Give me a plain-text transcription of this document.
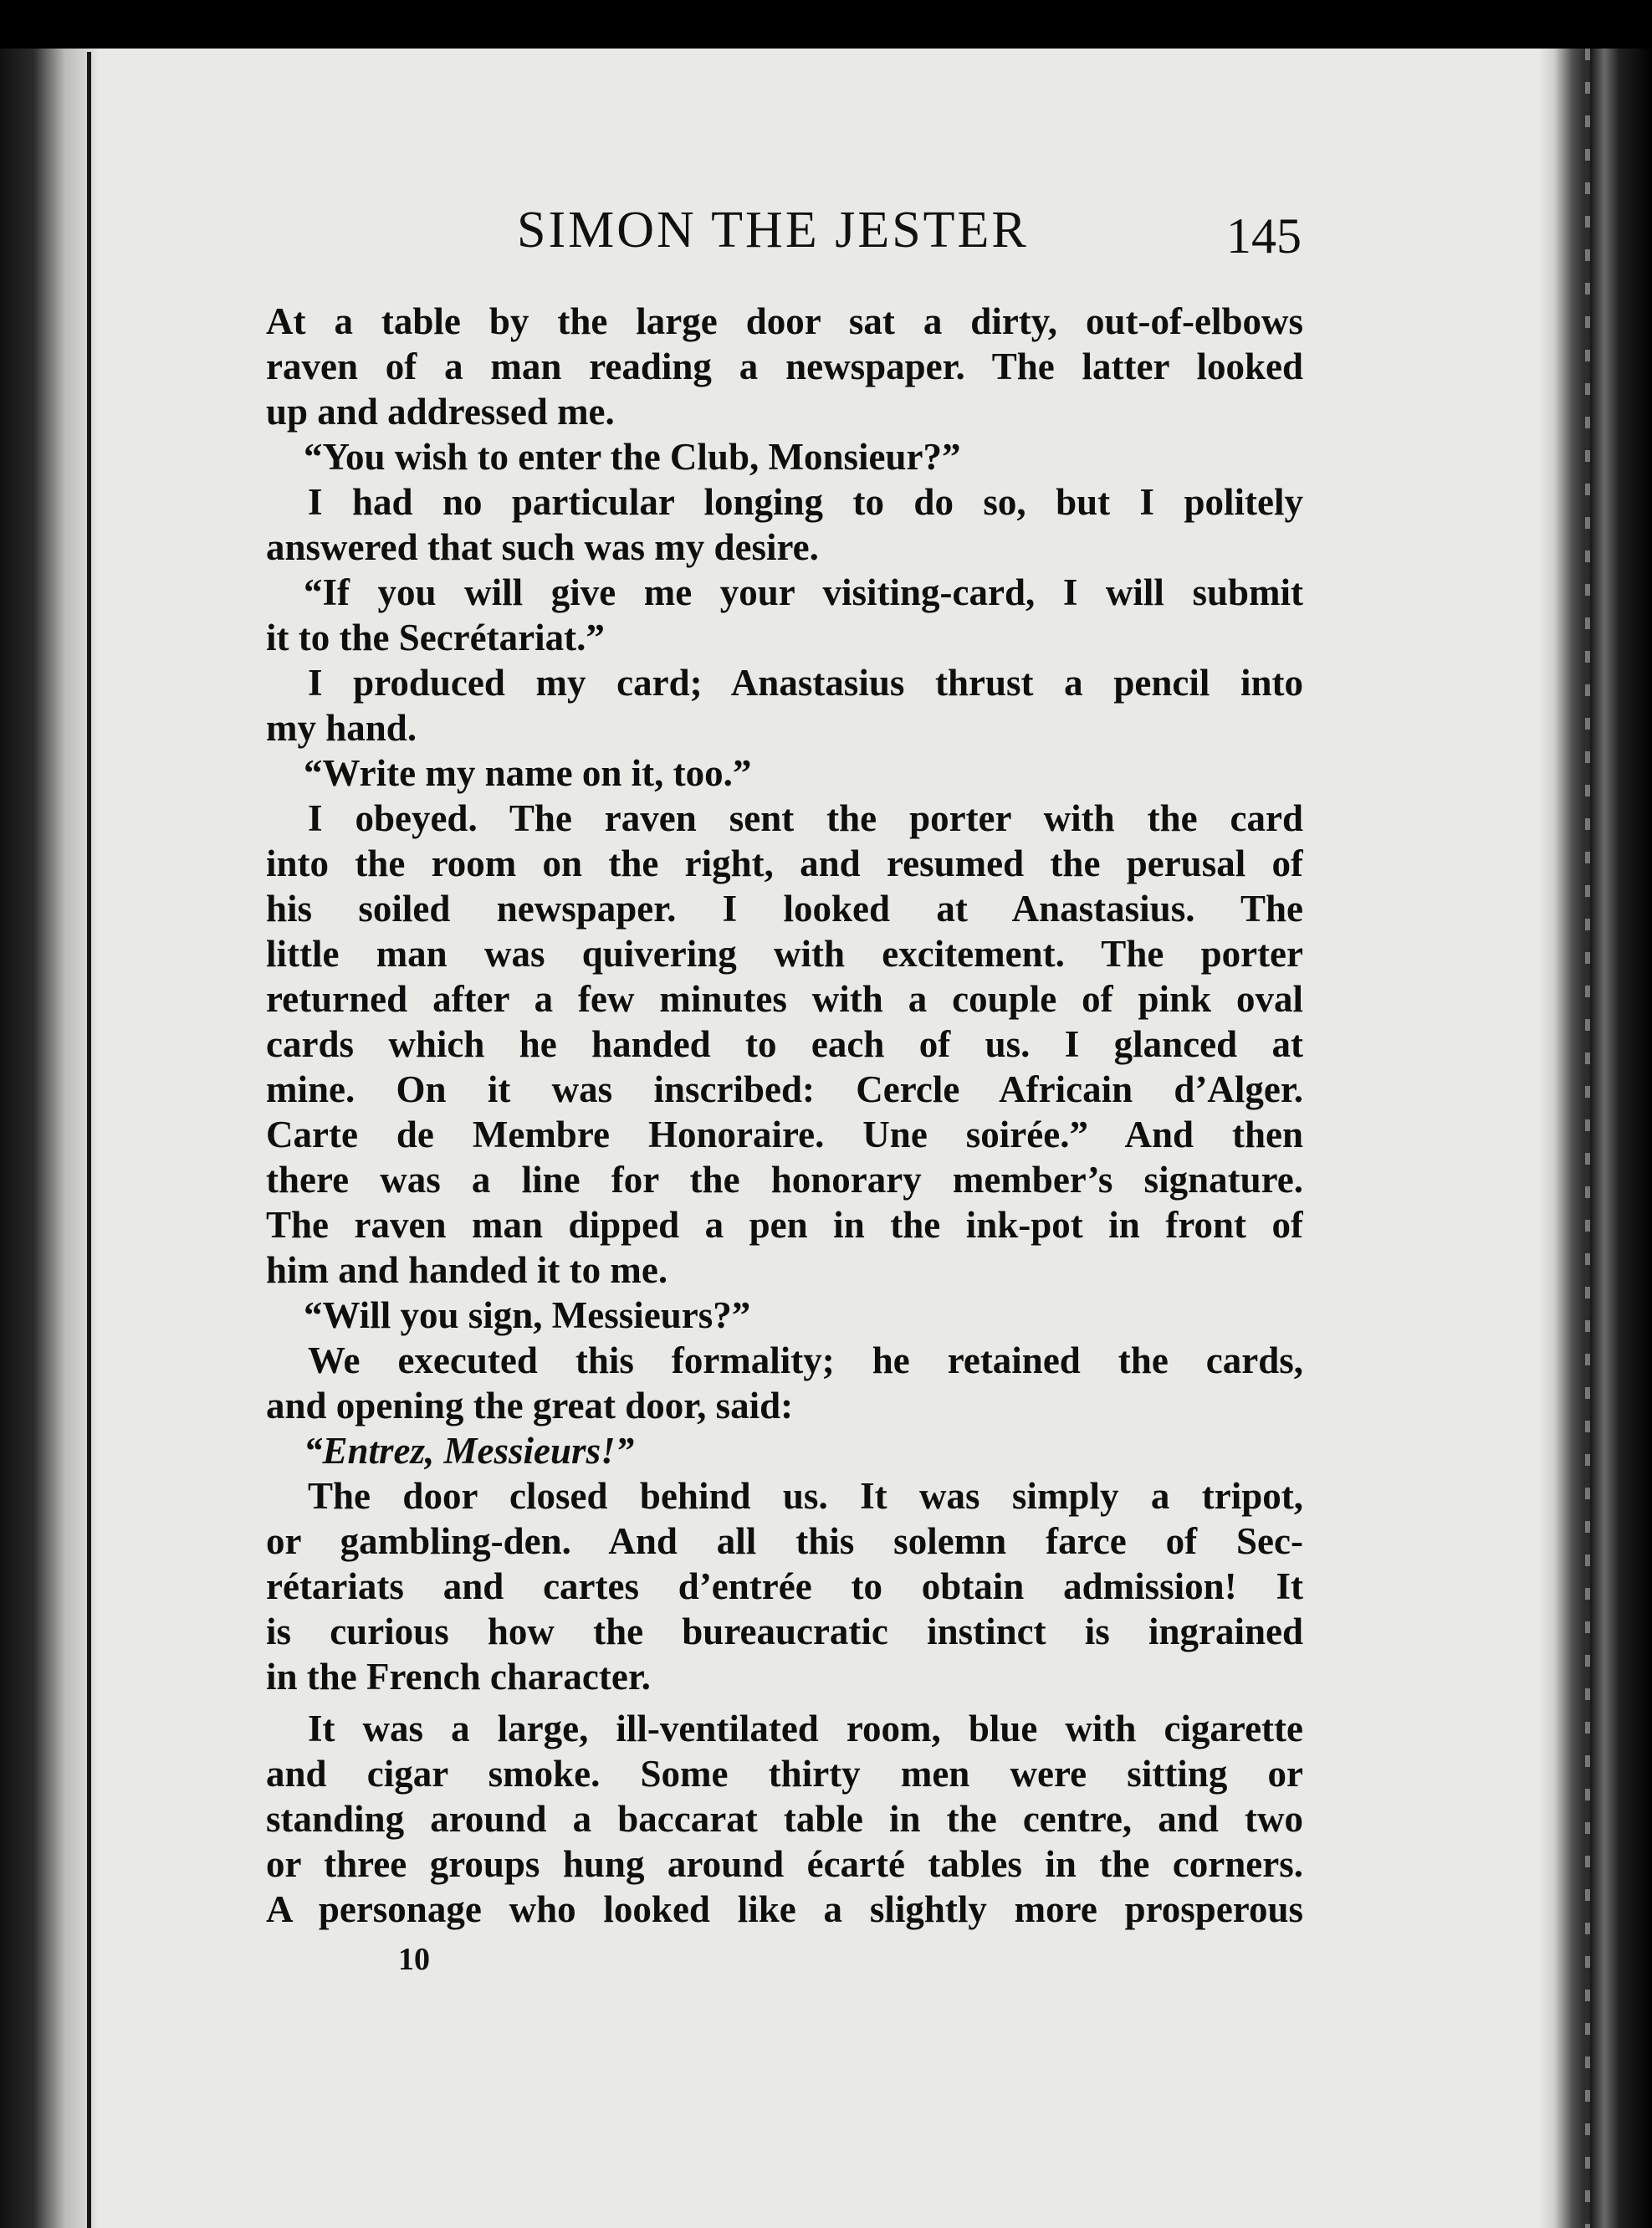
SIMON THE JESTER	145
At a table by the large door sat a dirty, out-of-elbows
raven of a man reading a newspaper. The latter looked
up and addressed me.
“You wish to enter the Club, Monsieur?”
I had no particular longing to do so, but I politely
answered that such was my desire.
“If you will give me your visiting-card, I will submit
it to the Secrétariat.”
I produced my card; Anastasius thrust a pencil into
my hand.
“Write my name on it, too.”
I obeyed. The raven sent the porter with the card
into the room on the right, and resumed the perusal of
his soiled newspaper. I looked at Anastasius. The
little man was quivering with excitement. The porter
returned after a few minutes with a couple of pink oval
cards which he handed to each of us. I glanced at
mine. On it was inscribed: Cercle Africain d’Alger.
Carte de Membre Honoraire. Une soirée.” And then
there was a line for the honorary member’s signature.
The raven man dipped a pen in the ink-pot in front of
him and handed it to me.
“Will you sign, Messieurs?”
We executed this formality; he retained the cards,
and opening the great door, said:
“Entrez, Messieurs!”
The door closed behind us. It was simply a tripot,
or gambling-den. And all this solemn farce of Sec-
rétariats and cartes d’entrée to obtain admission! It
is curious how the bureaucratic instinct is ingrained
in the French character.
It was a large, ill-ventilated room, blue with cigarette
and cigar smoke. Some thirty men were sitting or
standing around a baccarat table in the centre, and two
or three groups hung around écarté tables in the corners.
A personage who looked like a slightly more prosperous
10
